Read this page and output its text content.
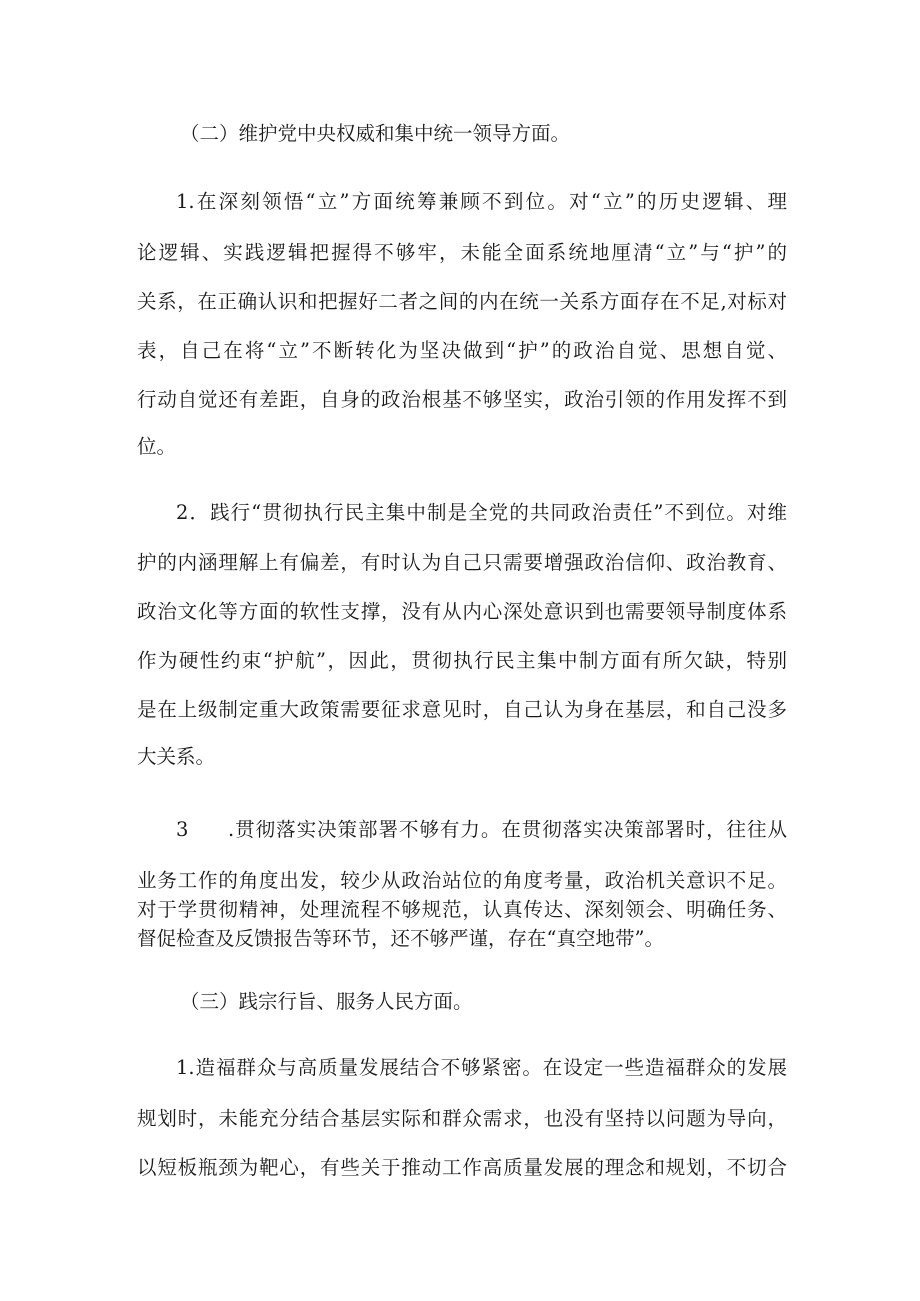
（二）维护党中央权威和集中统一领导方面。
1.在深刻领悟“立”方面统筹兼顾不到位。对“立”的历史逻辑、理
论逻辑、实践逻辑把握得不够牢，未能全面系统地厘清“立”与“护”的
关系，在正确认识和把握好二者之间的内在统一关系方面存在不足,对标对
表，自己在将“立”不断转化为坚决做到“护”的政治自觉、思想自觉、
行动自觉还有差距，自身的政治根基不够坚实，政治引领的作用发挥不到
位。
2．践行“贯彻执行民主集中制是全党的共同政治责任”不到位。对维
护的内涵理解上有偏差，有时认为自己只需要增强政治信仰、政治教育、
政治文化等方面的软性支撑，没有从内心深处意识到也需要领导制度体系
作为硬性约束“护航”，因此，贯彻执行民主集中制方面有所欠缺，特别
是在上级制定重大政策需要征求意见时，自己认为身在基层，和自己没多
大关系。
3 .贯彻落实决策部署不够有力。在贯彻落实决策部署时，往往从
业务工作的角度出发，较少从政治站位的角度考量，政治机关意识不足。
对于学贯彻精神，处理流程不够规范，认真传达、深刻领会、明确任务、
督促检查及反馈报告等环节，还不够严谨，存在“真空地带”。
（三）践宗行旨、服务人民方面。
1.造福群众与高质量发展结合不够紧密。在设定一些造福群众的发展
规划时，未能充分结合基层实际和群众需求，也没有坚持以问题为导向，
以短板瓶颈为靶心，有些关于推动工作高质量发展的理念和规划，不切合
